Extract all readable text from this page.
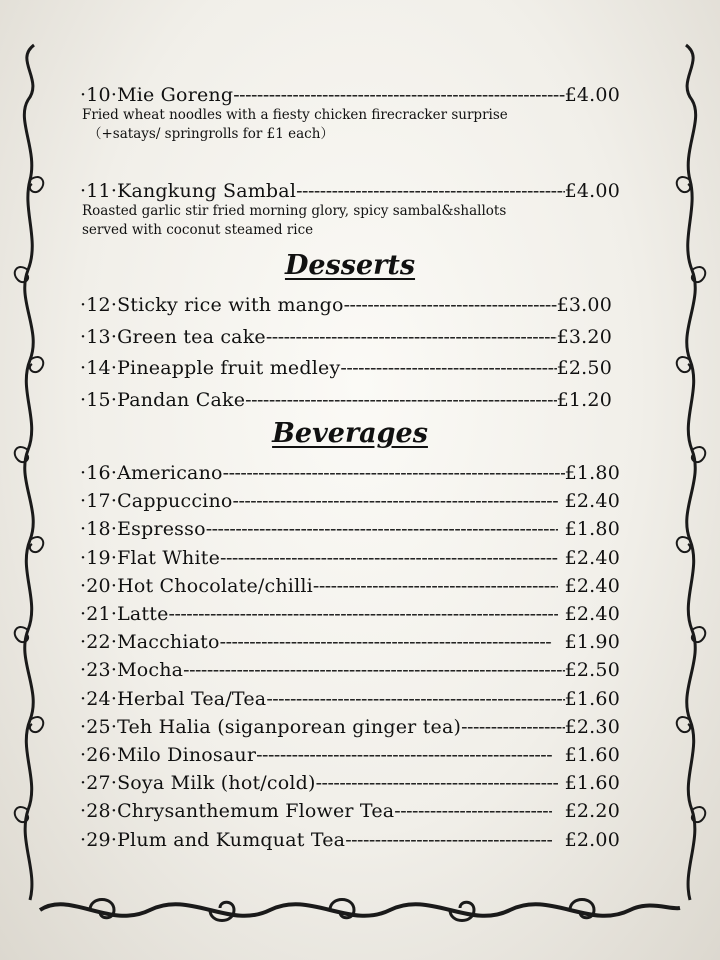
·10·Mie Goreng -----	£4.00
Fried wheat noodles with a fiesty chicken firecracker surprise
（+satays/ springrolls for £1 each）
·11·Kangkung Sambal -----	£4.00
Roasted garlic stir fried morning glory, spicy sambal&shallots
served with coconut steamed rice
Desserts
·12·Sticky rice with mango -----	£3.00
·13·Green tea cake -----	£3.20
·14·Pineapple fruit medley -----	£2.50
·15·Pandan Cake -----	£1.20
Beverages
·16·Americano -----	£1.80
·17·Cappuccino -----	£2.40
·18·Espresso -----	£1.80
·19·Flat White -----	£2.40
·20·Hot Chocolate/chilli -----	£2.40
·21·Latte -----	£2.40
·22·Macchiato -----	£1.90
·23·Mocha -----	£2.50
·24·Herbal Tea/Tea -----	£1.60
·25·Teh Halia (siganporean ginger tea) -----	£2.30
·26·Milo Dinosaur -----	£1.60
·27·Soya Milk (hot/cold) -----	£1.60
·28·Chrysanthemum Flower Tea -----	£2.20
·29·Plum and Kumquat Tea -----	£2.00
